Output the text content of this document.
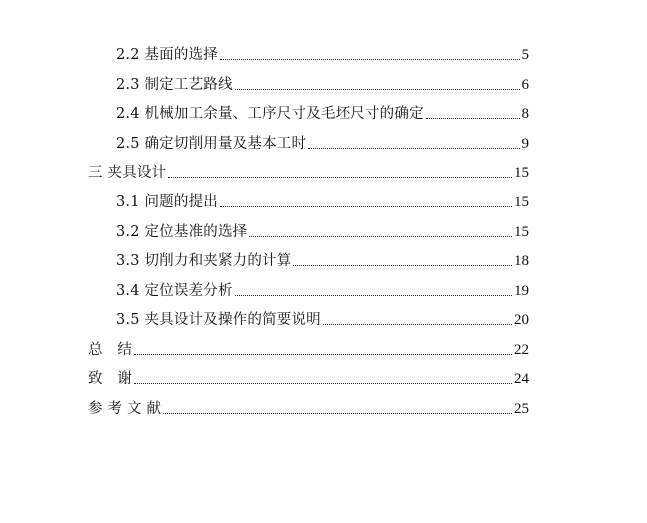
2.2 基面的选择	5
2.3 制定工艺路线	6
2.4 机械加工余量、工序尺寸及毛坯尺寸的确定	8
2.5 确定切削用量及基本工时	9
三 夹具设计	15
3.1 问题的提出	15
3.2 定位基准的选择	15
3.3 切削力和夹紧力的计算	18
3.4 定位误差分析	19
3.5 夹具设计及操作的简要说明	20
总　结	22
致　谢	24
参 考 文 献	25
